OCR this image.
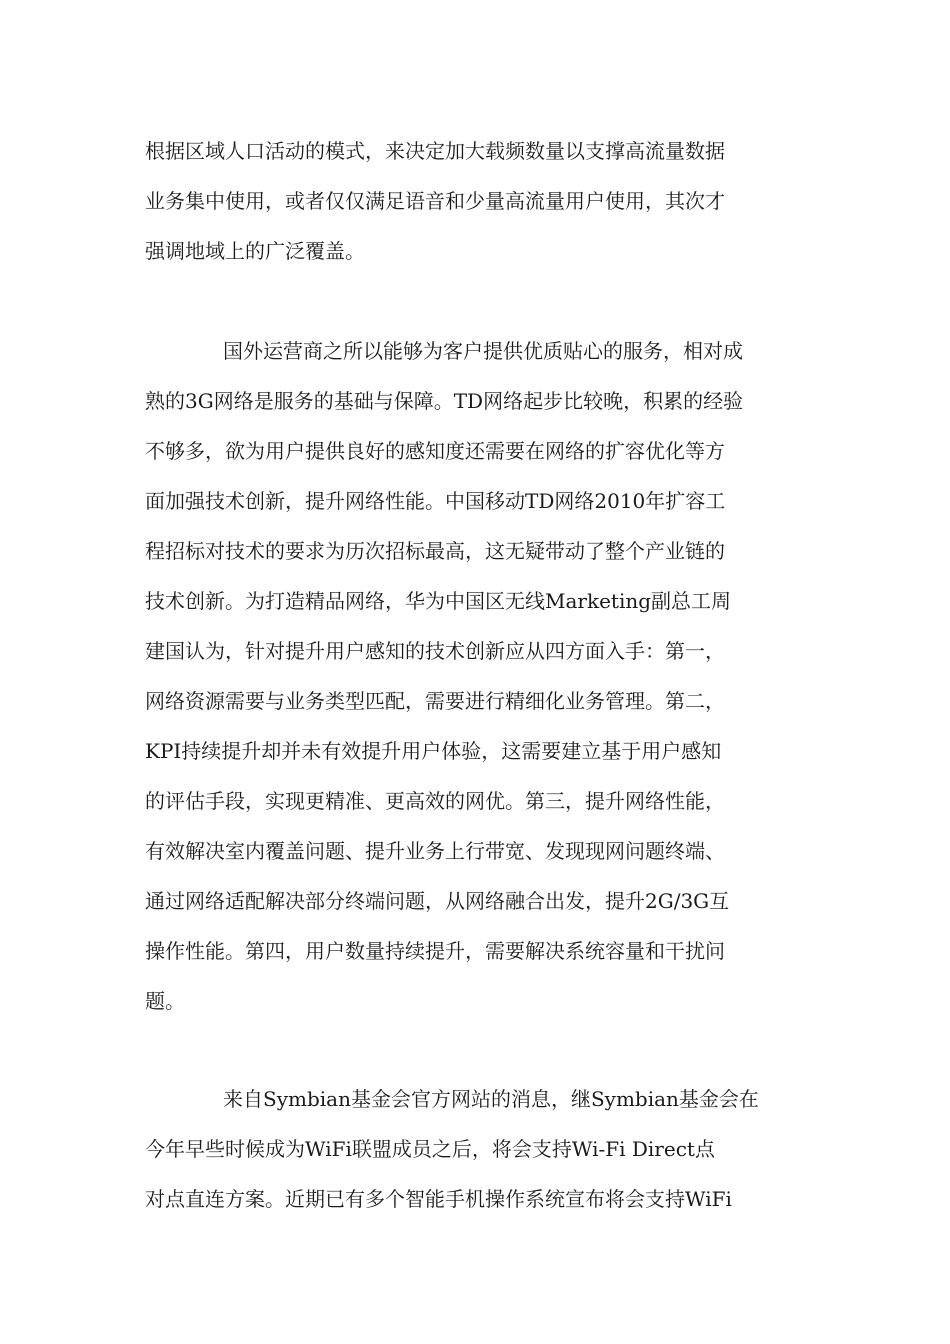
根据区域人口活动的模式，来决定加大载频数量以支撑高流量数据
业务集中使用，或者仅仅满足语音和少量高流量用户使用，其次才
强调地域上的广泛覆盖。
国外运营商之所以能够为客户提供优质贴心的服务，相对成
熟的3G网络是服务的基础与保障。TD网络起步比较晚，积累的经验
不够多，欲为用户提供良好的感知度还需要在网络的扩容优化等方
面加强技术创新，提升网络性能。中国移动TD网络2010年扩容工
程招标对技术的要求为历次招标最高，这无疑带动了整个产业链的
技术创新。为打造精品网络，华为中国区无线Marketing副总工周
建国认为，针对提升用户感知的技术创新应从四方面入手：第一，
网络资源需要与业务类型匹配，需要进行精细化业务管理。第二，
KPI持续提升却并未有效提升用户体验，这需要建立基于用户感知
的评估手段，实现更精准、更高效的网优。第三，提升网络性能，
有效解决室内覆盖问题、提升业务上行带宽、发现现网问题终端、
通过网络适配解决部分终端问题，从网络融合出发，提升2G/3G互
操作性能。第四，用户数量持续提升，需要解决系统容量和干扰问
题。
来自Symbian基金会官方网站的消息，继Symbian基金会在
今年早些时候成为WiFi联盟成员之后，将会支持Wi-Fi Direct点
对点直连方案。近期已有多个智能手机操作系统宣布将会支持WiFi
